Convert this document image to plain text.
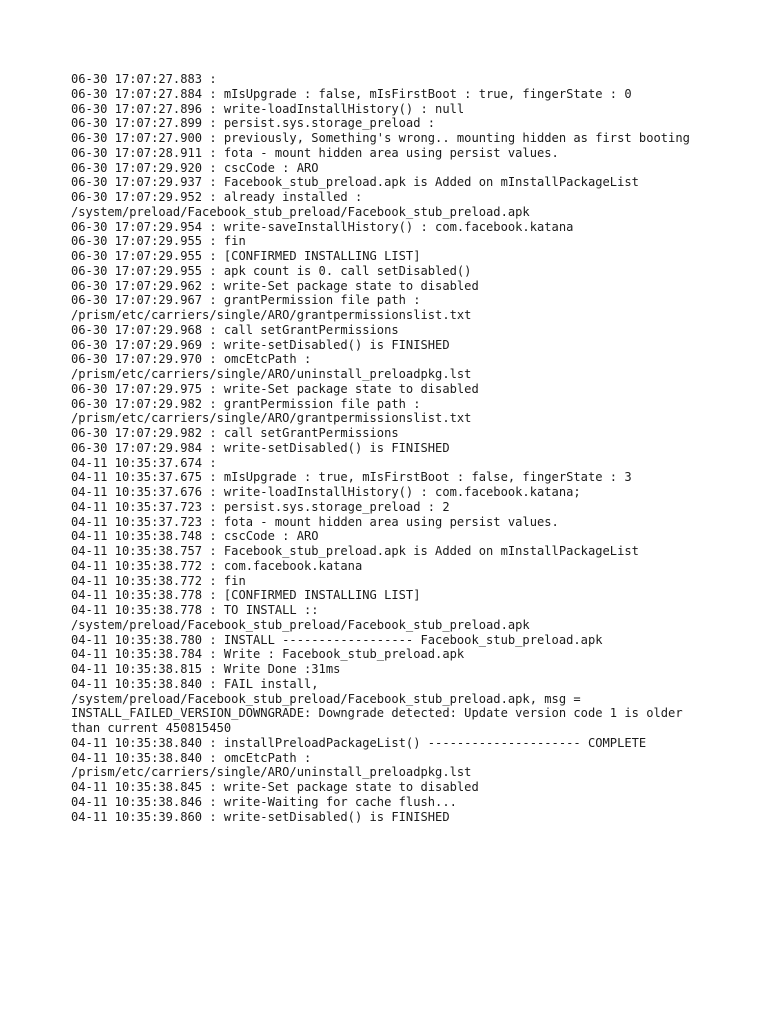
06-30 17:07:27.883 :

06-30 17:07:27.884 : mIsUpgrade : false, mIsFirstBoot : true, fingerState : 0

06-30 17:07:27.896 : write-loadInstallHistory() : null

06-30 17:07:27.899 : persist.sys.storage_preload :

06-30 17:07:27.900 : previously, Something's wrong.. mounting hidden as first booting

06-30 17:07:28.911 : fota - mount hidden area using persist values.

06-30 17:07:29.920 : cscCode : ARO

06-30 17:07:29.937 : Facebook_stub_preload.apk is Added on mInstallPackageList

06-30 17:07:29.952 : already installed : /system/preload/Facebook_stub_preload/Facebook_stub_preload.apk

06-30 17:07:29.954 : write-saveInstallHistory() : com.facebook.katana

06-30 17:07:29.955 : fin

06-30 17:07:29.955 : [CONFIRMED INSTALLING LIST]

06-30 17:07:29.955 : apk count is 0. call setDisabled()

06-30 17:07:29.962 : write-Set package state to disabled

06-30 17:07:29.967 : grantPermission file path : /prism/etc/carriers/single/ARO/grantpermissionslist.txt

06-30 17:07:29.968 : call setGrantPermissions

06-30 17:07:29.969 : write-setDisabled() is FINISHED

06-30 17:07:29.970 : omcEtcPath : /prism/etc/carriers/single/ARO/uninstall_preloadpkg.lst

06-30 17:07:29.975 : write-Set package state to disabled

06-30 17:07:29.982 : grantPermission file path : /prism/etc/carriers/single/ARO/grantpermissionslist.txt

06-30 17:07:29.982 : call setGrantPermissions

06-30 17:07:29.984 : write-setDisabled() is FINISHED

04-11 10:35:37.674 :

04-11 10:35:37.675 : mIsUpgrade : true, mIsFirstBoot : false, fingerState : 3

04-11 10:35:37.676 : write-loadInstallHistory() : com.facebook.katana;

04-11 10:35:37.723 : persist.sys.storage_preload : 2

04-11 10:35:37.723 : fota - mount hidden area using persist values.

04-11 10:35:38.748 : cscCode : ARO

04-11 10:35:38.757 : Facebook_stub_preload.apk is Added on mInstallPackageList

04-11 10:35:38.772 : com.facebook.katana

04-11 10:35:38.772 : fin

04-11 10:35:38.778 : [CONFIRMED INSTALLING LIST]

04-11 10:35:38.778 : TO INSTALL :: /system/preload/Facebook_stub_preload/Facebook_stub_preload.apk

04-11 10:35:38.780 : INSTALL ------------------ Facebook_stub_preload.apk

04-11 10:35:38.784 : Write : Facebook_stub_preload.apk

04-11 10:35:38.815 : Write Done :31ms

04-11 10:35:38.840 : FAIL install, /system/preload/Facebook_stub_preload/Facebook_stub_preload.apk, msg = INSTALL_FAILED_VERSION_DOWNGRADE: Downgrade detected: Update version code 1 is older than current 450815450

04-11 10:35:38.840 : installPreloadPackageList() --------------------- COMPLETE

04-11 10:35:38.840 : omcEtcPath : /prism/etc/carriers/single/ARO/uninstall_preloadpkg.lst

04-11 10:35:38.845 : write-Set package state to disabled

04-11 10:35:38.846 : write-Waiting for cache flush...

04-11 10:35:39.860 : write-setDisabled() is FINISHED
